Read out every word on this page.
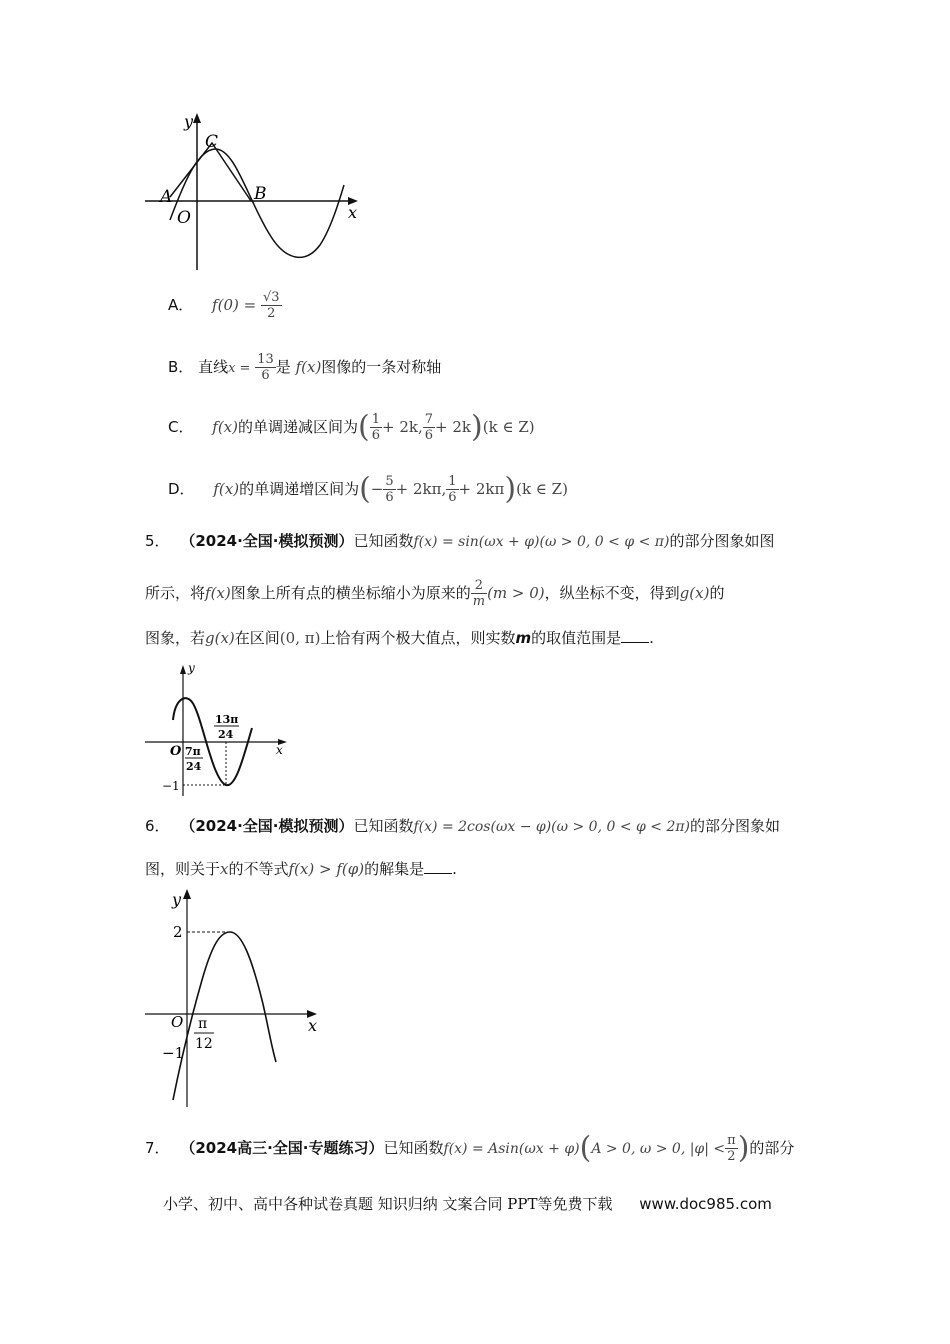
y
x
C
A
O
B
A． $f(0) = \frac{√3}{2}$
B． 直线$x = \frac{13}{6}$ 是 f(x)图像的一条对称轴
C． f(x)的单调递减区间为( $\frac{1}{6} + 2k$, $\frac{7}{6} + 2k)(k$ ∈ Z)
D． f(x)的单调递增区间为(− $\frac{5}{6} + 2k\pi$, $\frac{1}{6} + 2k\pi)(k$ ∈ Z)
5． （2024·全国·模拟预测）已知函数f(x) = sin(ωx + φ)(ω > 0, 0 < φ < π)的部分图象如图
所示，将f(x)图象上所有点的横坐标缩小为原来的 $\frac{2}{m} (m > 0)$，纵坐标不变，得到g(x)的
图象，若g(x)在区间(0, π)上恰有两个极大值点，则实数m的取值范围是 .
y
x
O
−1
7π
24
13π
24
6． （2024·全国·模拟预测）已知函数f(x) = 2cos(ωx − φ)(ω > 0, 0 < φ < 2π)的部分图象如
图，则关于x的不等式f(x) > f(φ)的解集是 .
y
x
O
2
−1
π
12
7． （2024高三·全国·专题练习）已知函数f(x) = Asin(ωx + φ)(A > 0, ω > 0, $|\varphi| < \frac{\pi}{2}$ )的部分
小学、初中、高中各种试卷真题 知识归纳 文案合同 PPT等免费下载 www.doc985.com
